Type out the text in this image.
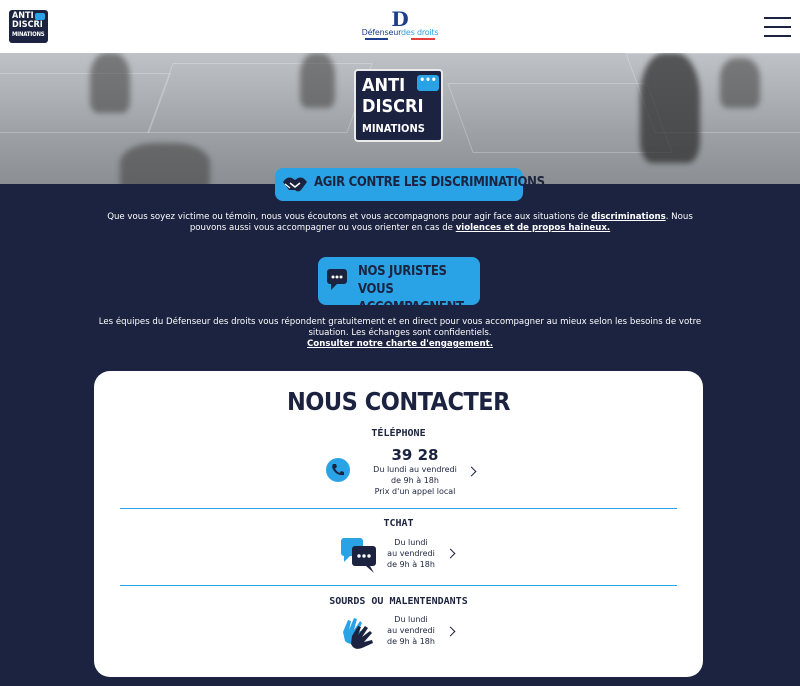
ANTI
DISCRI
MINATIONS
D
Défenseurdes droits
ANTI •••
DISCRI
MINATIONS
AGIR CONTRE LES DISCRIMINATIONS

Que vous soyez victime ou témoin, nous vous écoutons et vous accompagnons pour agir face aux situations de discriminations. Nous pouvons aussi vous accompagner ou vous orienter en cas de violences et de propos haineux.

NOS JURISTES VOUS
ACCOMPAGNENT

Les équipes du Défenseur des droits vous répondent gratuitement et en direct pour vous accompagner au mieux selon les besoins de votre situation. Les échanges sont confidentiels.
Consulter notre charte d'engagement.

NOUS CONTACTER
TÉLÉPHONE
39 28
Du lundi au vendredi
de 9h à 18h
Prix d'un appel local
TCHAT
Du lundi
au vendredi
de 9h à 18h
SOURDS OU MALENTENDANTS
Du lundi
au vendredi
de 9h à 18h
